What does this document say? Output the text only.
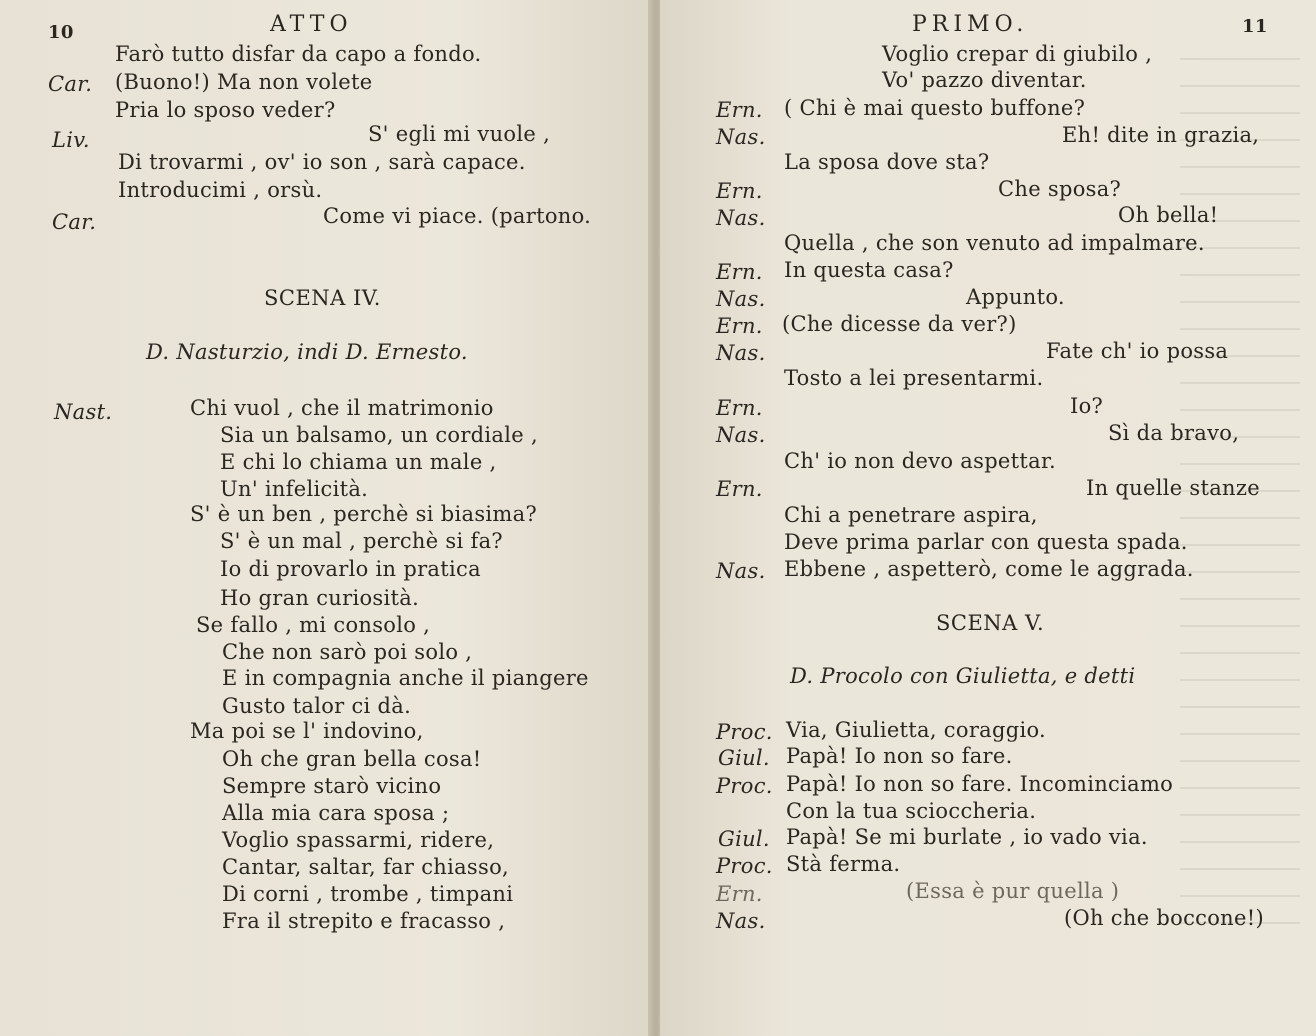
10	ATTO
Farò tutto disfar da capo a fondo.
Car. (Buono!) Ma non volete
Pria lo sposo veder?
Liv.	S' egli mi vuole ,
Di trovarmi , ov' io son , sarà capace.
Introducimi , orsù.
Car.	Come vi piace. (partono.
SCENA IV.
D. Nasturzio, indi D. Ernesto.
Nast.	Chi vuol , che il matrimonio
Sia un balsamo, un cordiale ,
E chi lo chiama un male ,
Un' infelicità.
S' è un ben , perchè si biasima?
S' è un mal , perchè si fa?
Io di provarlo in pratica
Ho gran curiosità.
Se fallo , mi consolo ,
Che non sarò poi solo ,
E in compagnia anche il piangere
Gusto talor ci dà.
Ma poi se l' indovino,
Oh che gran bella cosa!
Sempre starò vicino
Alla mia cara sposa ;
Voglio spassarmi, ridere,
Cantar, saltar, far chiasso,
Di corni , trombe , timpani
Fra il strepito e fracasso ,
PRIMO.	11
Voglio crepar di giubilo ,
Vo' pazzo diventar.
Ern. ( Chi è mai questo buffone?
Nas.	Eh! dite in grazia,
La sposa dove sta?
Ern.	Che sposa?
Nas.	Oh bella!
Quella , che son venuto ad impalmare.
Ern. In questa casa?
Nas.	Appunto.
Ern. (Che dicesse da ver?)
Nas.	Fate ch' io possa
Tosto a lei presentarmi.
Ern.	Io?
Nas.	Sì da bravo,
Ch' io non devo aspettar.
Ern.	In quelle stanze
Chi a penetrare aspira,
Deve prima parlar con questa spada.
Nas. Ebbene , aspetterò, come le aggrada.
SCENA V.
D. Procolo con Giulietta, e detti
Proc. Via, Giulietta, coraggio.
Giul. Papà! Io non so fare.
Proc. Papà! Io non so fare. Incominciamo
Con la tua scioccheria.
Giul. Papà! Se mi burlate , io vado via.
Proc. Stà ferma.
Ern.	(Essa è pur quella )
Nas.	(Oh che boccone!)
